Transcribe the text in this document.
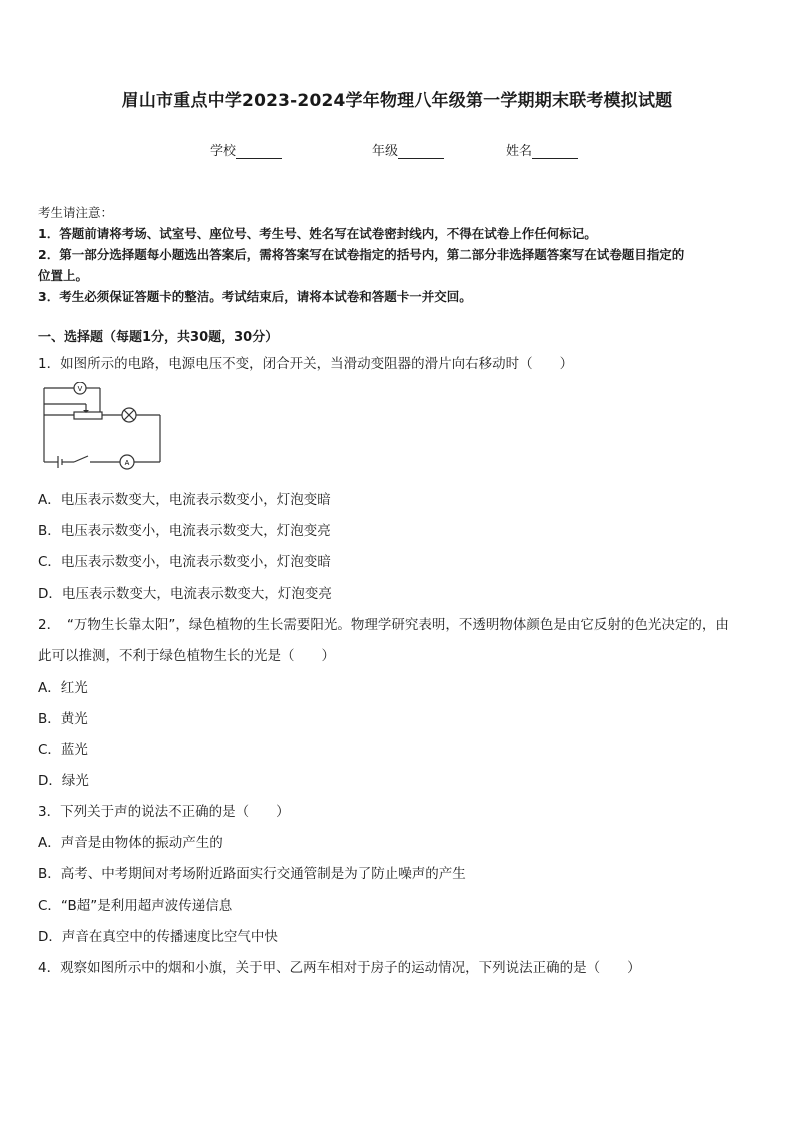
眉山市重点中学2023-2024学年物理八年级第一学期期末联考模拟试题
学校	年级	姓名
考生请注意：
1．答题前请将考场、试室号、座位号、考生号、姓名写在试卷密封线内，不得在试卷上作任何标记。
2．第一部分选择题每小题选出答案后，需将答案写在试卷指定的括号内，第二部分非选择题答案写在试卷题目指定的
位置上。
3．考生必须保证答题卡的整洁。考试结束后，请将本试卷和答题卡一并交回。
一、选择题（每题1分，共30题，30分）
1．如图所示的电路，电源电压不变，闭合开关，当滑动变阻器的滑片向右移动时（　　）
V
A
A．电压表示数变大，电流表示数变小，灯泡变暗
B．电压表示数变小，电流表示数变大，灯泡变亮
C．电压表示数变小，电流表示数变小，灯泡变暗
D．电压表示数变大，电流表示数变大，灯泡变亮
2．　“万物生长靠太阳”，绿色植物的生长需要阳光。物理学研究表明，不透明物体颜色是由它反射的色光决定的，由
此可以推测，不利于绿色植物生长的光是（　　）
A．红光
B．黄光
C．蓝光
D．绿光
3．下列关于声的说法不正确的是（　　）
A．声音是由物体的振动产生的
B．高考、中考期间对考场附近路面实行交通管制是为了防止噪声的产生
C．“B超”是利用超声波传递信息
D．声音在真空中的传播速度比空气中快
4．观察如图所示中的烟和小旗，关于甲、乙两车相对于房子的运动情况，下列说法正确的是（　　）
